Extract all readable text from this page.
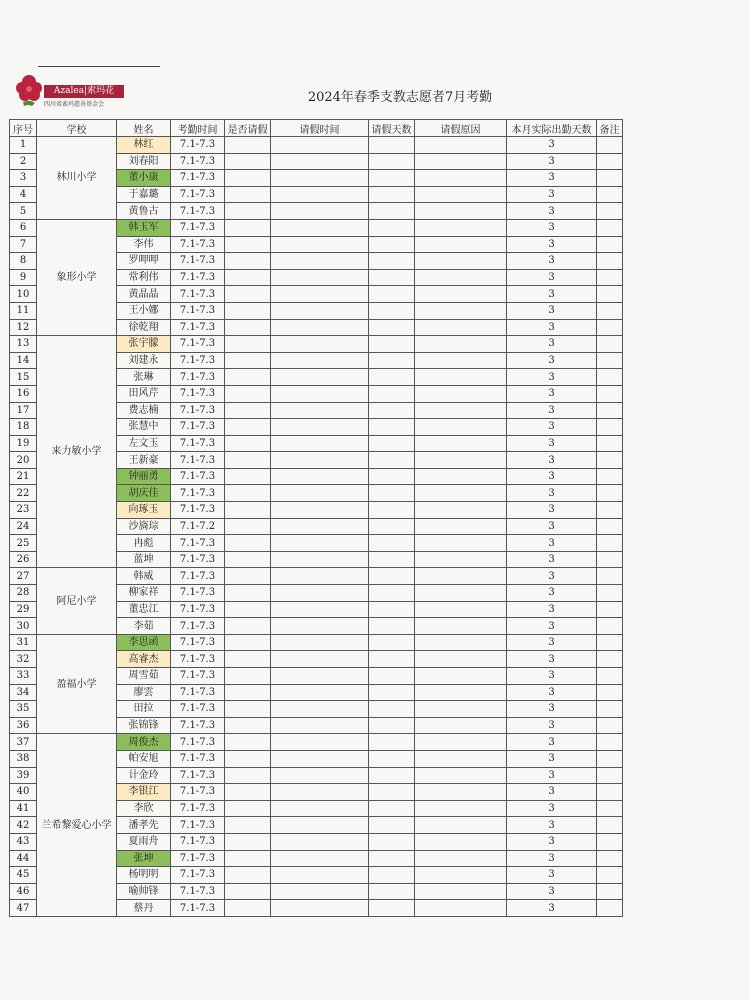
Azalea|索玛花
四川省索玛慈善基金会	2024年春季支教志愿者7月考勤
序号	学校	姓名	考勤时间	是否请假	请假时间	请假天数	请假原因	本月实际出勤天数	备注
1	林川小学	林红	7.1-7.3					3	
2		刘春阳	7.1-7.3					3	
3		董小康	7.1-7.3					3	
4		于嘉璐	7.1-7.3					3	
5		黄鲁古	7.1-7.3					3	
6	象形小学	韩玉军	7.1-7.3					3	
7		李伟	7.1-7.3					3	
8		罗呷呷	7.1-7.3					3	
9		常利伟	7.1-7.3					3	
10		黄晶晶	7.1-7.3					3	
11		王小娜	7.1-7.3					3	
12		徐乾翔	7.1-7.3					3	
13	来力敏小学	张宇朦	7.1-7.3					3	
14		刘建永	7.1-7.3					3	
15		张琳	7.1-7.3					3	
16		田风芹	7.1-7.3					3	
17		费志楠	7.1-7.3					3	
18		张慧中	7.1-7.3					3	
19		左文玉	7.1-7.3					3	
20		王新豪	7.1-7.3					3	
21		钟丽勇	7.1-7.3					3	
22		胡庆佳	7.1-7.3					3	
23		向琢玉	7.1-7.3					3	
24		沙旖琮	7.1-7.2					3	
25		冉彪	7.1-7.3					3	
26		蓝坤	7.1-7.3					3	
27	阿尼小学	韩威	7.1-7.3					3	
28		柳家祥	7.1-7.3					3	
29		董忠江	7.1-7.3					3	
30		李茹	7.1-7.3					3	
31	盈福小学	李思函	7.1-7.3					3	
32		高睿杰	7.1-7.3					3	
33		周雪茹	7.1-7.3					3	
34		廖雲	7.1-7.3					3	
35		田拉	7.1-7.3					3	
36		张锦锋	7.1-7.3					3	
37	兰希黎爱心小学	周俊杰	7.1-7.3					3	
38		帕安旭	7.1-7.3					3	
39		计金玲	7.1-7.3					3	
40		李银江	7.1-7.3					3	
41		李欣	7.1-7.3					3	
42		潘孝先	7.1-7.3					3	
43		夏雨舟	7.1-7.3					3	
44		张坤	7.1-7.3					3	
45		杨明明	7.1-7.3					3	
46		喻帅锋	7.1-7.3					3	
47		蔡丹	7.1-7.3					3	
